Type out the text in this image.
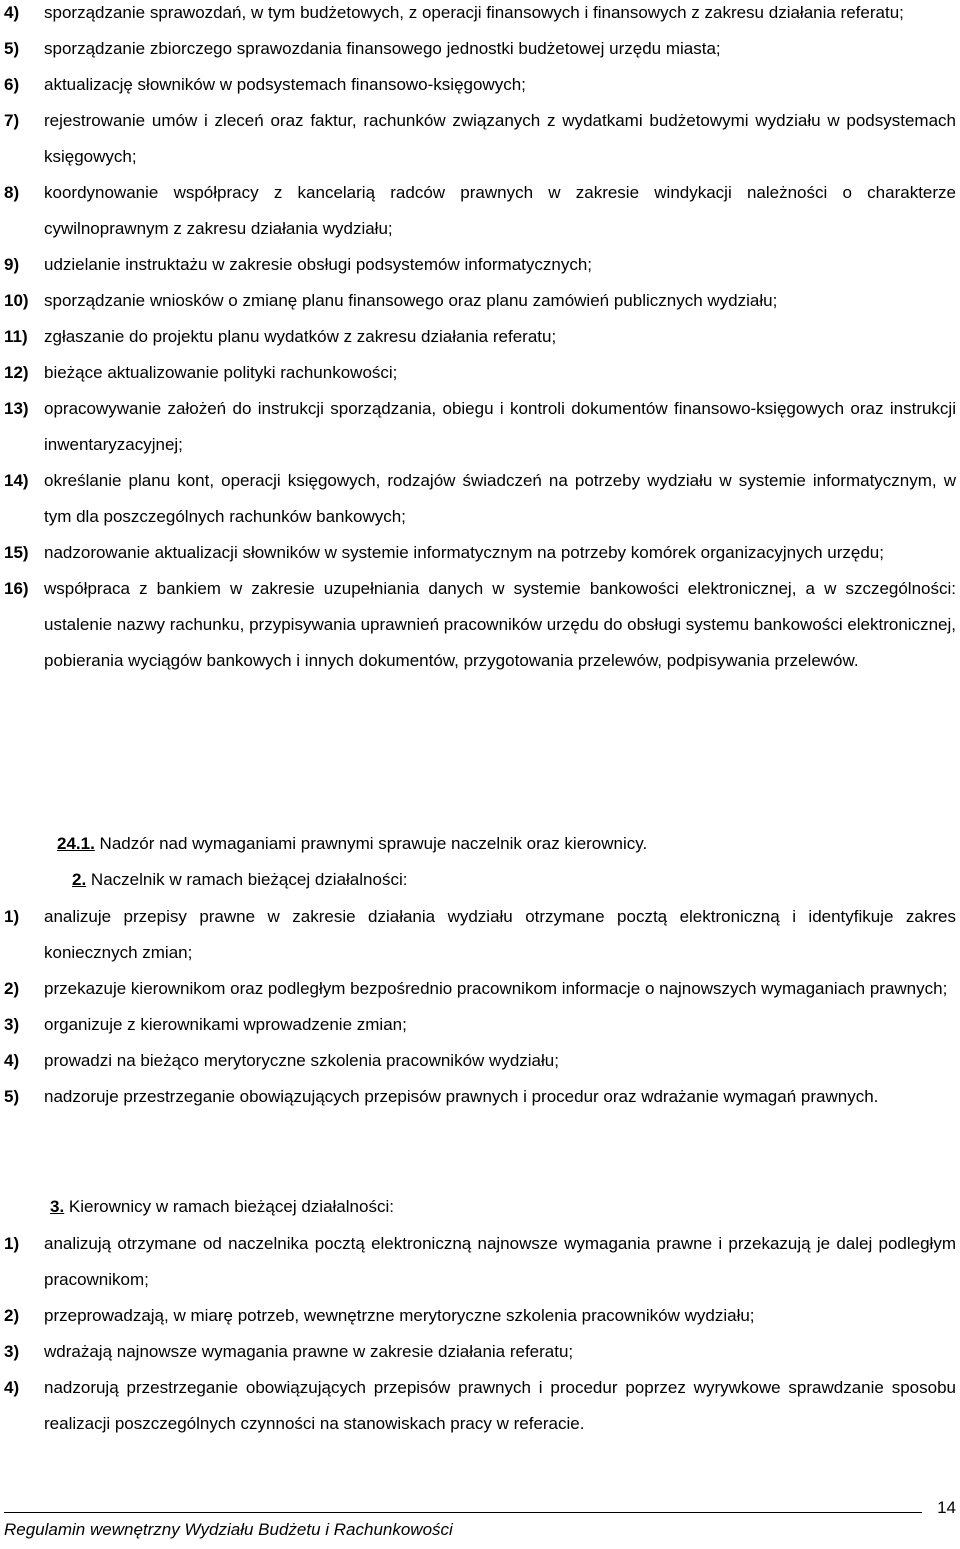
4) sporządzanie sprawozdań, w tym budżetowych, z operacji finansowych i finansowych z zakresu działania referatu;
5) sporządzanie zbiorczego sprawozdania finansowego jednostki budżetowej urzędu miasta;
6) aktualizację słowników w podsystemach finansowo-księgowych;
7) rejestrowanie umów i zleceń oraz faktur, rachunków związanych z wydatkami budżetowymi wydziału w podsystemach księgowych;
8) koordynowanie współpracy z kancelarią radców prawnych w zakresie windykacji należności o charakterze cywilnoprawnym z zakresu działania wydziału;
9) udzielanie instruktażu w zakresie obsługi podsystemów informatycznych;
10) sporządzanie wniosków o zmianę planu finansowego oraz planu zamówień publicznych wydziału;
11) zgłaszanie do projektu planu wydatków z zakresu działania referatu;
12) bieżące aktualizowanie polityki rachunkowości;
13) opracowywanie założeń do instrukcji sporządzania, obiegu i kontroli dokumentów finansowo-księgowych oraz instrukcji inwentaryzacyjnej;
14) określanie planu kont, operacji księgowych, rodzajów świadczeń na potrzeby wydziału w systemie informatycznym, w tym dla poszczególnych rachunków bankowych;
15) nadzorowanie aktualizacji słowników w systemie informatycznym na potrzeby komórek organizacyjnych urzędu;
16) współpraca z bankiem w zakresie uzupełniania danych w systemie bankowości elektronicznej, a w szczególności: ustalenie nazwy rachunku, przypisywania uprawnień pracowników urzędu do obsługi systemu bankowości elektronicznej, pobierania wyciągów bankowych i innych dokumentów, przygotowania przelewów, podpisywania przelewów.
24.1. Nadzór nad wymaganiami prawnymi sprawuje naczelnik oraz kierownicy.
2. Naczelnik w ramach bieżącej działalności:
1) analizuje przepisy prawne w zakresie działania wydziału otrzymane pocztą elektroniczną i identyfikuje zakres koniecznych zmian;
2) przekazuje kierownikom oraz podległym bezpośrednio pracownikom informacje o najnowszych wymaganiach prawnych;
3) organizuje z kierownikami wprowadzenie zmian;
4) prowadzi na bieżąco merytoryczne szkolenia pracowników wydziału;
5) nadzoruje przestrzeganie obowiązujących przepisów prawnych i procedur oraz wdrażanie wymagań prawnych.
3. Kierownicy w ramach bieżącej działalności:
1) analizują otrzymane od naczelnika pocztą elektroniczną najnowsze wymagania prawne i przekazują je dalej podległym pracownikom;
2) przeprowadzają, w miarę potrzeb, wewnętrzne merytoryczne szkolenia pracowników wydziału;
3) wdrażają najnowsze wymagania prawne w zakresie działania referatu;
4) nadzorują przestrzeganie obowiązujących przepisów prawnych i procedur poprzez wyrywkowe sprawdzanie sposobu realizacji poszczególnych czynności na stanowiskach pracy w referacie.
Regulamin wewnętrzny Wydziału Budżetu i Rachunkowości
14
